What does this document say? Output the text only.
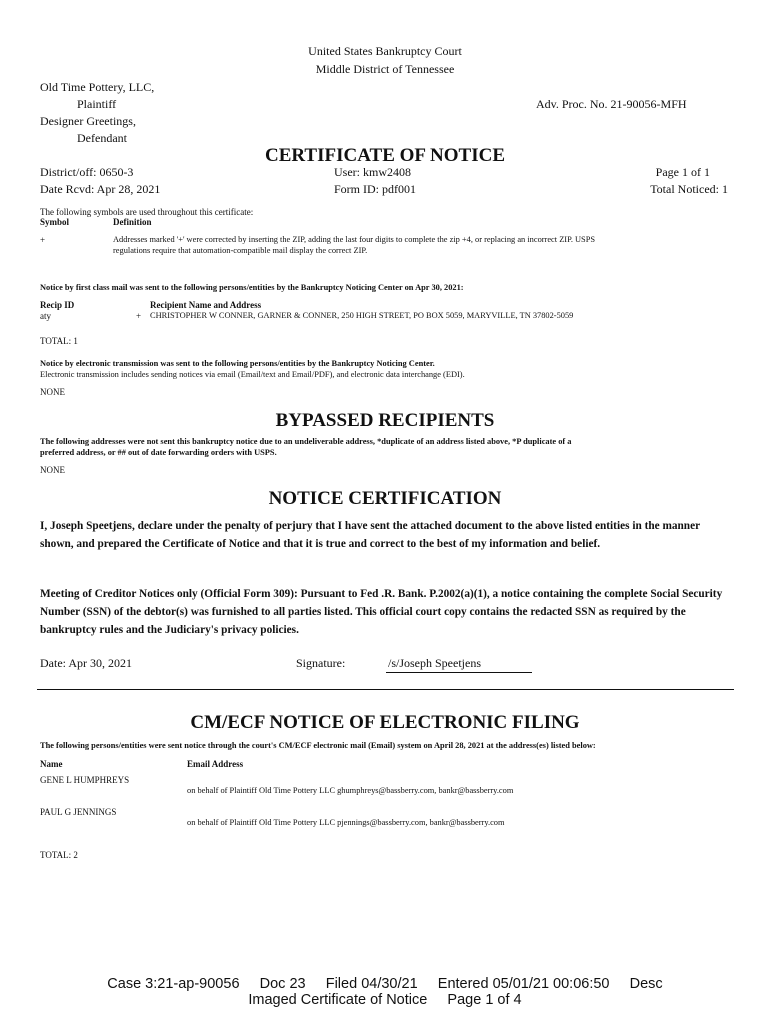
United States Bankruptcy Court
Middle District of Tennessee
Old Time Pottery, LLC,
Plaintiff	Adv. Proc. No. 21-90056-MFH
Designer Greetings,
Defendant
CERTIFICATE OF NOTICE
District/off: 0650-3	User: kmw2408	Page 1 of 1
Date Rcvd: Apr 28, 2021	Form ID: pdf001	Total Noticed: 1
The following symbols are used throughout this certificate:
Symbol	Definition
+	Addresses marked '+' were corrected by inserting the ZIP, adding the last four digits to complete the zip +4, or replacing an incorrect ZIP. USPS
regulations require that automation-compatible mail display the correct ZIP.
Notice by first class mail was sent to the following persons/entities by the Bankruptcy Noticing Center on Apr 30, 2021:
Recip ID	Recipient Name and Address
aty	+ CHRISTOPHER W CONNER, GARNER & CONNER, 250 HIGH STREET, PO BOX 5059, MARYVILLE, TN 37802-5059
TOTAL: 1
Notice by electronic transmission was sent to the following persons/entities by the Bankruptcy Noticing Center.
Electronic transmission includes sending notices via email (Email/text and Email/PDF), and electronic data interchange (EDI).
NONE
BYPASSED RECIPIENTS
The following addresses were not sent this bankruptcy notice due to an undeliverable address, *duplicate of an address listed above, *P duplicate of a
preferred address, or ## out of date forwarding orders with USPS.
NONE
NOTICE CERTIFICATION
I, Joseph Speetjens, declare under the penalty of perjury that I have sent the attached document to the above listed entities in the manner shown, and prepared the Certificate of Notice and that it is true and correct to the best of my information and belief.
Meeting of Creditor Notices only (Official Form 309): Pursuant to Fed .R. Bank. P.2002(a)(1), a notice containing the complete Social Security Number (SSN) of the debtor(s) was furnished to all parties listed. This official court copy contains the redacted SSN as required by the bankruptcy rules and the Judiciary's privacy policies.
Date: Apr 30, 2021	Signature:	/s/Joseph Speetjens
CM/ECF NOTICE OF ELECTRONIC FILING
The following persons/entities were sent notice through the court's CM/ECF electronic mail (Email) system on April 28, 2021 at the address(es) listed below:
Name	Email Address
GENE L HUMPHREYS
on behalf of Plaintiff Old Time Pottery LLC ghumphreys@bassberry.com, bankr@bassberry.com
PAUL G JENNINGS
on behalf of Plaintiff Old Time Pottery LLC pjennings@bassberry.com, bankr@bassberry.com
TOTAL: 2
Case 3:21-ap-90056     Doc 23     Filed 04/30/21     Entered 05/01/21 00:06:50     Desc
Imaged Certificate of Notice     Page 1 of 4
